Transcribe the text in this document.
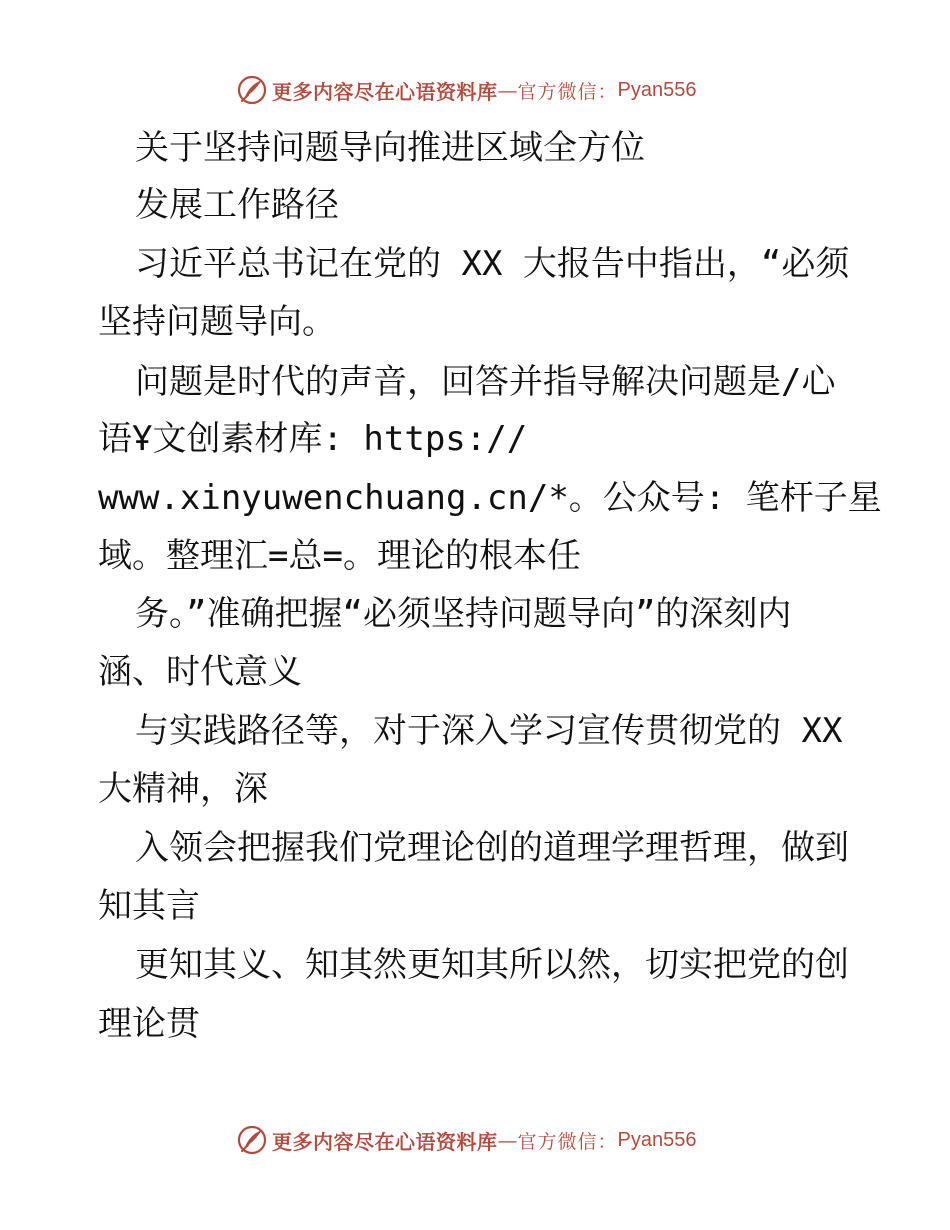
更多内容尽在心语资料库 — 官方微信： Pyan556
关于坚持问题导向推进区域全方位
发展工作路径
习近平总书记在党的 XX 大报告中指出，“必须
坚持问题导向。
问题是时代的声音，回答并指导解决问题是/心
语Ұ文创素材库: https://
www.xinyuwenchuang.cn/*。公众号: 笔杆子星
域。整理汇=总=。理论的根本任
务。”准确把握“必须坚持问题导向”的深刻内
涵、时代意义
与实践路径等，对于深入学习宣传贯彻党的 XX
大精神，深
入领会把握我们党理论创的道理学理哲理，做到
知其言
更知其义、知其然更知其所以然，切实把党的创
理论贯
更多内容尽在心语资料库 — 官方微信： Pyan556
